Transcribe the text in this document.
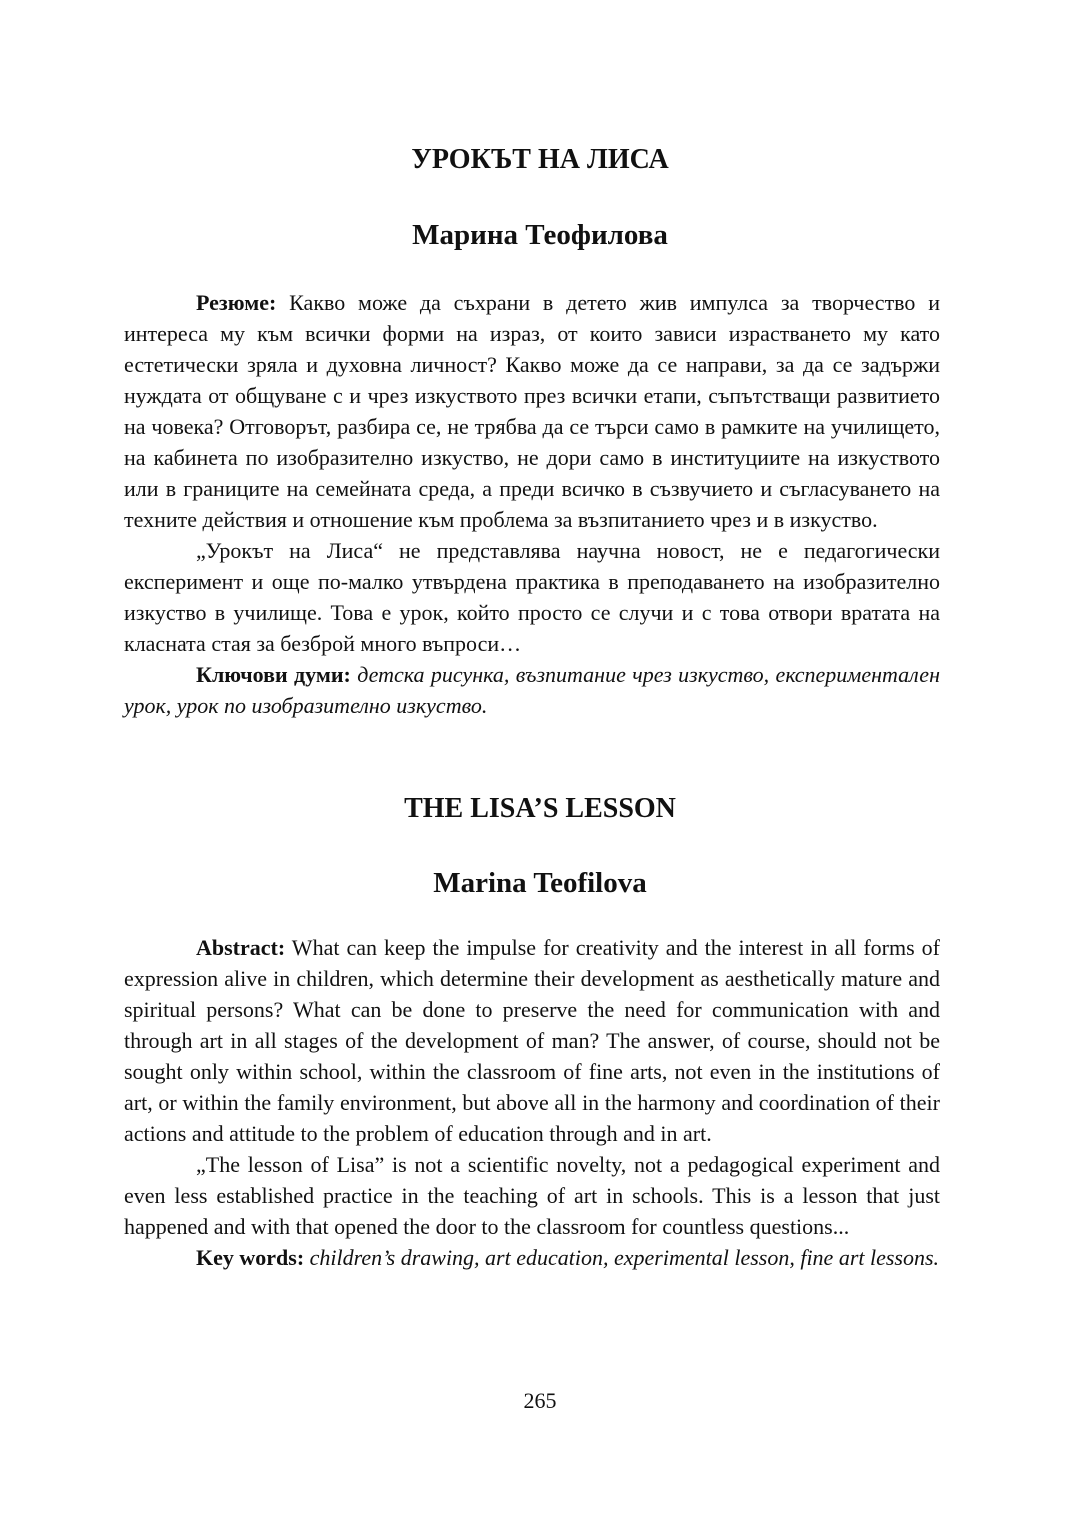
УРОКЪТ НА ЛИСА
Марина Теофилова

Резюме: Какво може да съхрани в детето жив импулса за творчество и интереса му към всички форми на израз, от които зависи израстването му като естетически зряла и духовна личност? Какво може да се направи, за да се задържи нуждата от общуване с и чрез изкуството през всички етапи, съпътстващи развитието на човека? Отговорът, разбира се, не трябва да се търси само в рамките на училището, на кабинета по изобразително изкуство, не дори само в институциите на изкуството или в границите на семейната среда, а преди всичко в съзвучието и съгласуването на техните действия и отношение към проблема за възпитанието чрез и в изкуство.

„Урокът на Лиса“ не представлява научна новост, не е педагогически експеримент и още по-малко утвърдена практика в преподаването на изобразително изкуство в училище. Това е урок, който просто се случи и с това отвори вратата на класната стая за безброй много въпроси…

Ключови думи: детска рисунка, възпитание чрез изкуство, експериментален урок, урок по изобразително изкуство.

THE LISA’S LESSON
Marina Teofilova

Abstract: What can keep the impulse for creativity and the interest in all forms of expression alive in children, which determine their development as aesthetically mature and spiritual persons? What can be done to preserve the need for communication with and through art in all stages of the development of man? The answer, of course, should not be sought only within school, within the classroom of fine arts, not even in the institutions of art, or within the family environment, but above all in the harmony and coordination of their actions and attitude to the problem of education through and in art.

„The lesson of Lisa” is not a scientific novelty, not a pedagogical experiment and even less established practice in the teaching of art in schools. This is a lesson that just happened and with that opened the door to the classroom for countless questions...

Key words: children’s drawing, art education, experimental lesson, fine art lessons.

265
